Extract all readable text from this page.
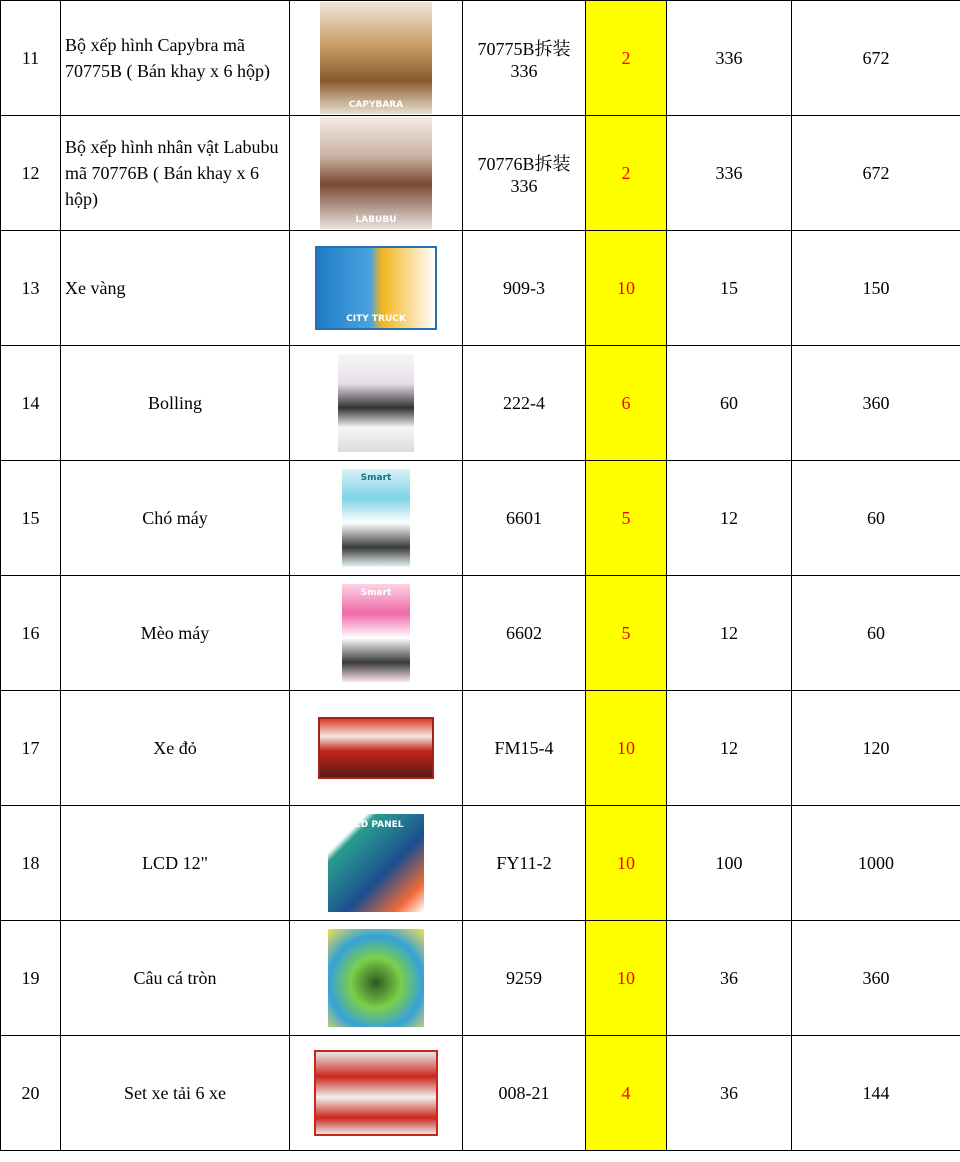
11	Bộ xếp hình Capybra mã 70775B ( Bán khay x 6 hộp)	CAPYBARA	70775B拆装 336	2	336	672
12	Bộ xếp hình nhân vật Labubu mã 70776B ( Bán khay x 6 hộp)	LABUBU	70776B拆装 336	2	336	672
13	Xe vàng	CITY TRUCK	909-3	10	15	150
14	Bolling		222-4	6	60	360
15	Chó máy	Smart	6601	5	12	60
16	Mèo máy	Smart	6602	5	12	60
17	Xe đỏ		FM15-4	10	12	120
18	LCD 12"	LCD PANEL	FY11-2	10	100	1000
19	Câu cá tròn		9259	10	36	360
20	Set xe tải 6 xe		008-21	4	36	144
